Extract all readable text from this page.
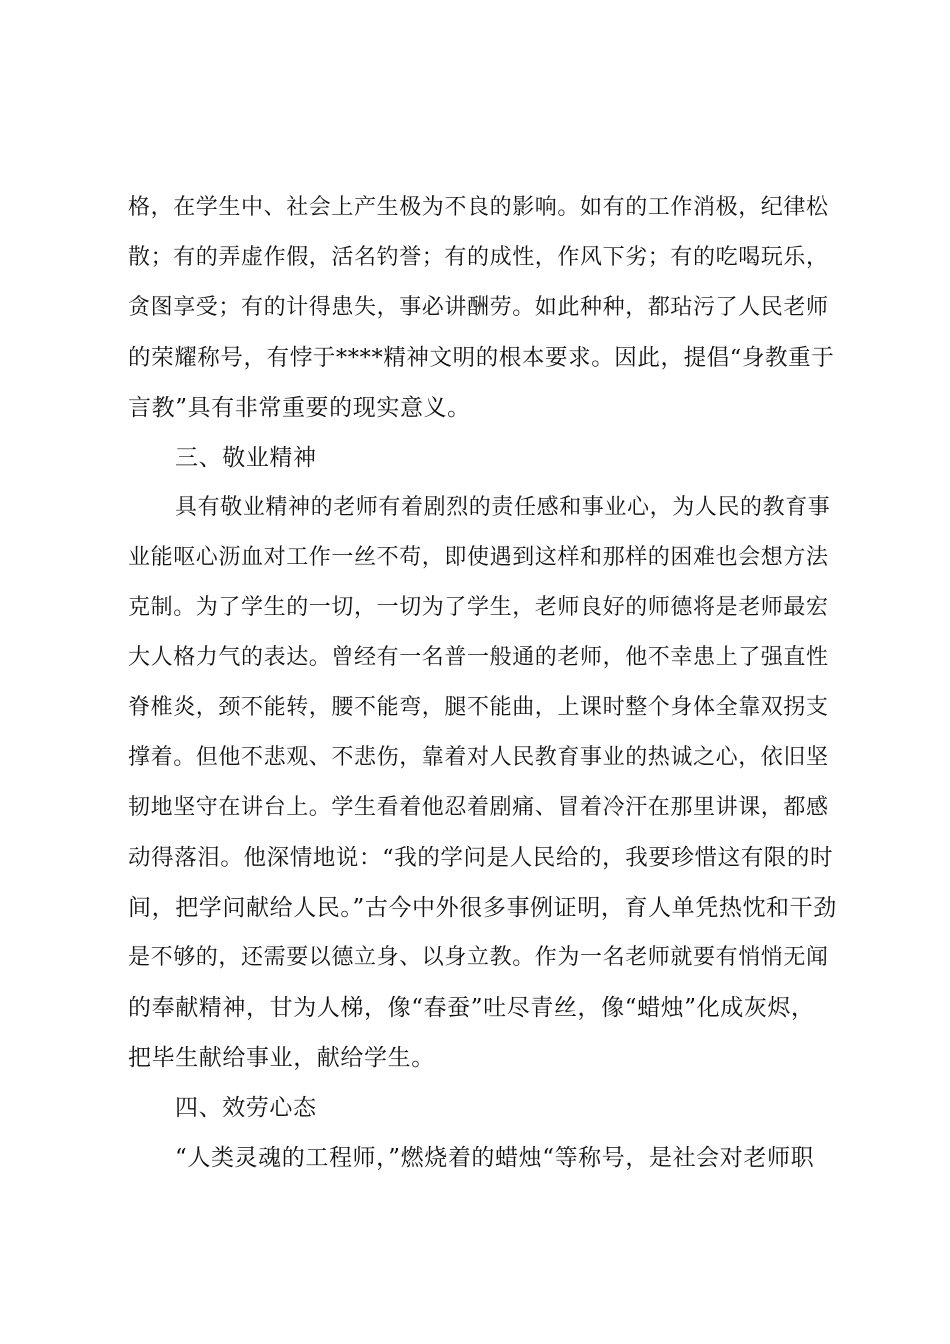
格，在学生中、社会上产生极为不良的影响。如有的工作消极，纪律松
散；有的弄虚作假，活名钓誉；有的成性，作风下劣；有的吃喝玩乐，
贪图享受；有的计得患失，事必讲酬劳。如此种种，都玷污了人民老师
的荣耀称号，有悖于****精神文明的根本要求。因此，提倡“身教重于
言教”具有非常重要的现实意义。
三、敬业精神
具有敬业精神的老师有着剧烈的责任感和事业心，为人民的教育事
业能呕心沥血对工作一丝不苟，即使遇到这样和那样的困难也会想方法
克制。为了学生的一切，一切为了学生，老师良好的师德将是老师最宏
大人格力气的表达。曾经有一名普一般通的老师，他不幸患上了强直性
脊椎炎，颈不能转，腰不能弯，腿不能曲，上课时整个身体全靠双拐支
撑着。但他不悲观、不悲伤，靠着对人民教育事业的热诚之心，依旧坚
韧地坚守在讲台上。学生看着他忍着剧痛、冒着冷汗在那里讲课，都感
动得落泪。他深情地说：“我的学问是人民给的，我要珍惜这有限的时
间，把学问献给人民。”古今中外很多事例证明，育人单凭热忱和干劲
是不够的，还需要以德立身、以身立教。作为一名老师就要有悄悄无闻
的奉献精神，甘为人梯，像“春蚕”吐尽青丝，像“蜡烛”化成灰烬，
把毕生献给事业，献给学生。
四、效劳心态
“人类灵魂的工程师，”燃烧着的蜡烛“等称号，是社会对老师职
